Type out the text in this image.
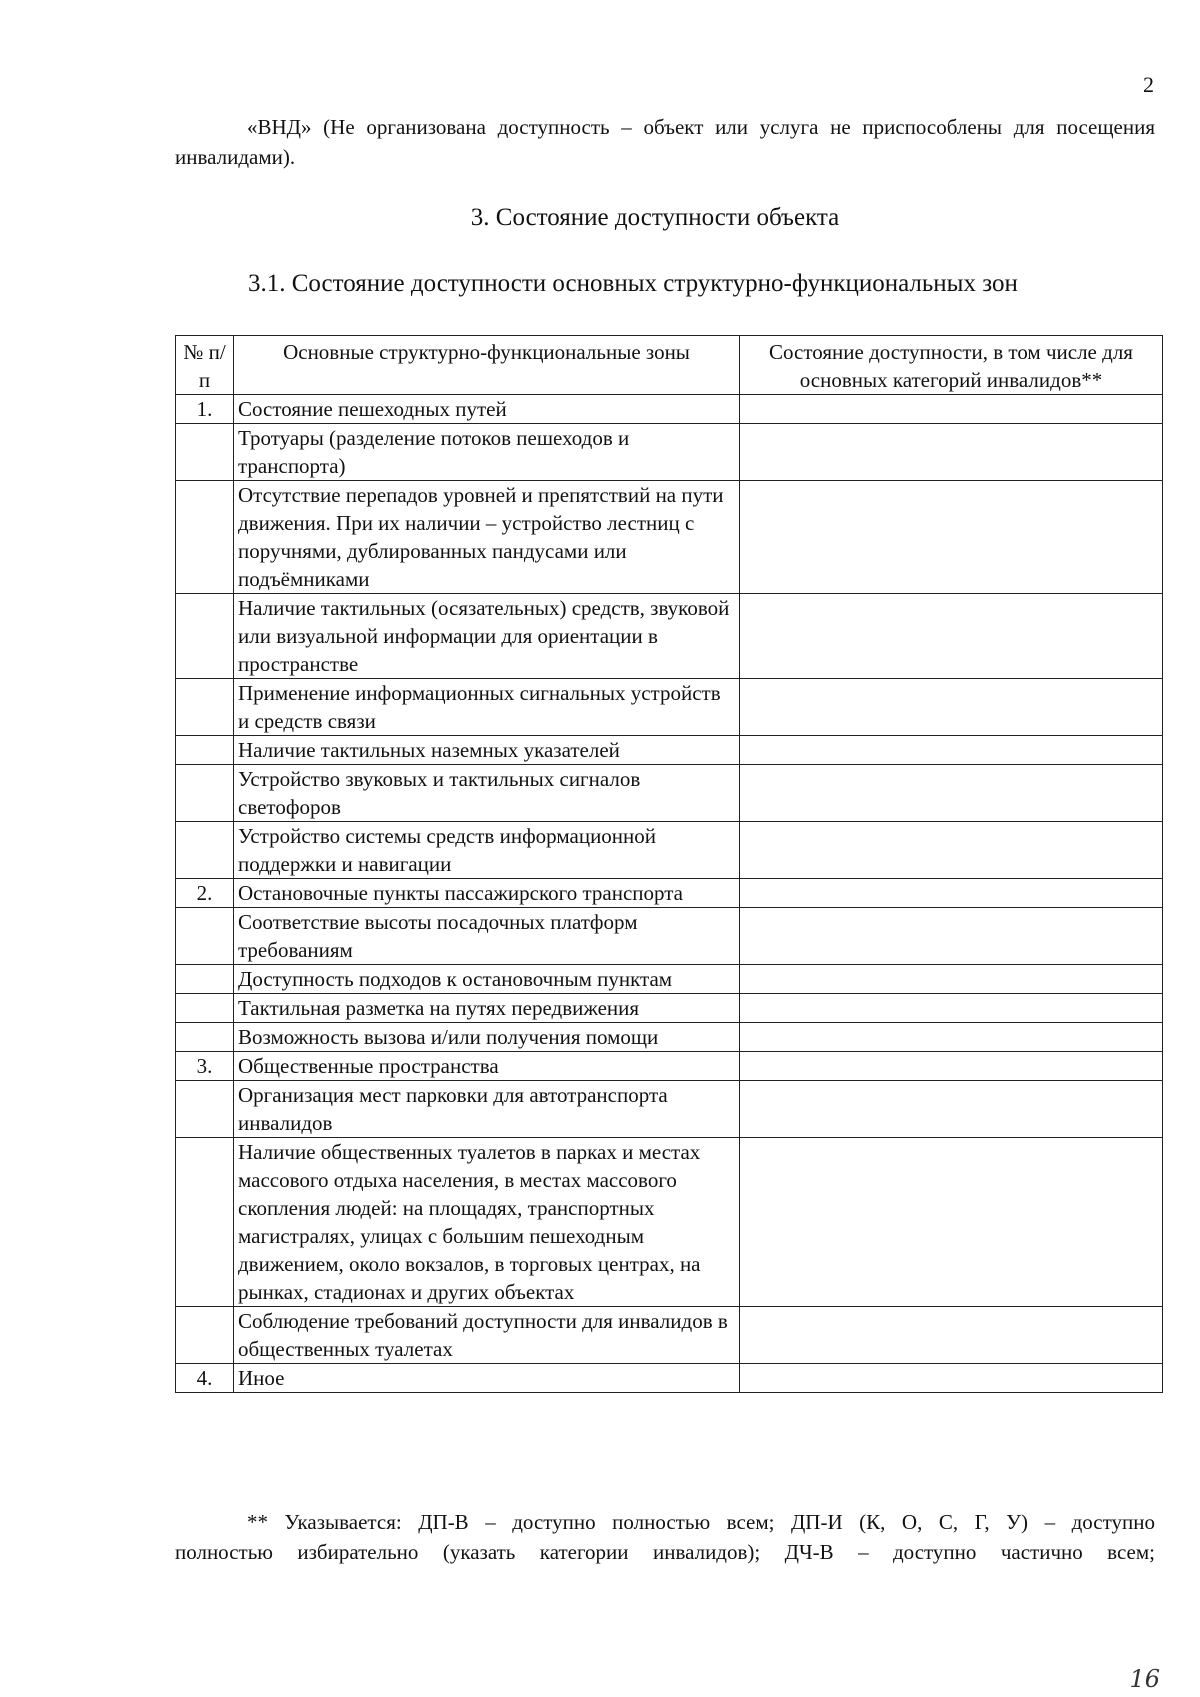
2

«ВНД» (Не организована доступность – объект или услуга не приспособлены для посещения инвалидами).

3. Состояние доступности объекта
3.1. Состояние доступности основных структурно-функциональных зон
№ п/п	Основные структурно-функциональные зоны	Состояние доступности, в том числе для основных категорий инвалидов**
1.	Состояние пешеходных путей	
	Тротуары (разделение потоков пешеходов и транспорта)	
	Отсутствие перепадов уровней и препятствий на пути движения. При их наличии – устройство лестниц с поручнями, дублированных пандусами или подъёмниками	
	Наличие тактильных (осязательных) средств, звуковой или визуальной информации для ориентации в пространстве	
	Применение информационных сигнальных устройств и средств связи	
	Наличие тактильных наземных указателей	
	Устройство звуковых и тактильных сигналов светофоров	
	Устройство системы средств информационной поддержки и навигации	
2.	Остановочные пункты пассажирского транспорта	
	Соответствие высоты посадочных платформ требованиям	
	Доступность подходов к остановочным пунктам	
	Тактильная разметка на путях передвижения	
	Возможность вызова и/или получения помощи	
3.	Общественные пространства	
	Организация мест парковки для автотранспорта инвалидов	
	Наличие общественных туалетов в парках и местах массового отдыха населения, в местах массового скопления людей: на площадях, транспортных магистралях, улицах с большим пешеходным движением, около вокзалов, в торговых центрах, на рынках, стадионах и других объектах	
	Соблюдение требований доступности для инвалидов в общественных туалетах	
4.	Иное	

** Указывается: ДП-В – доступно полностью всем; ДП-И (К, О, С, Г, У) – доступно
полностью избирательно (указать категории инвалидов); ДЧ-В – доступно частично всем;

16
